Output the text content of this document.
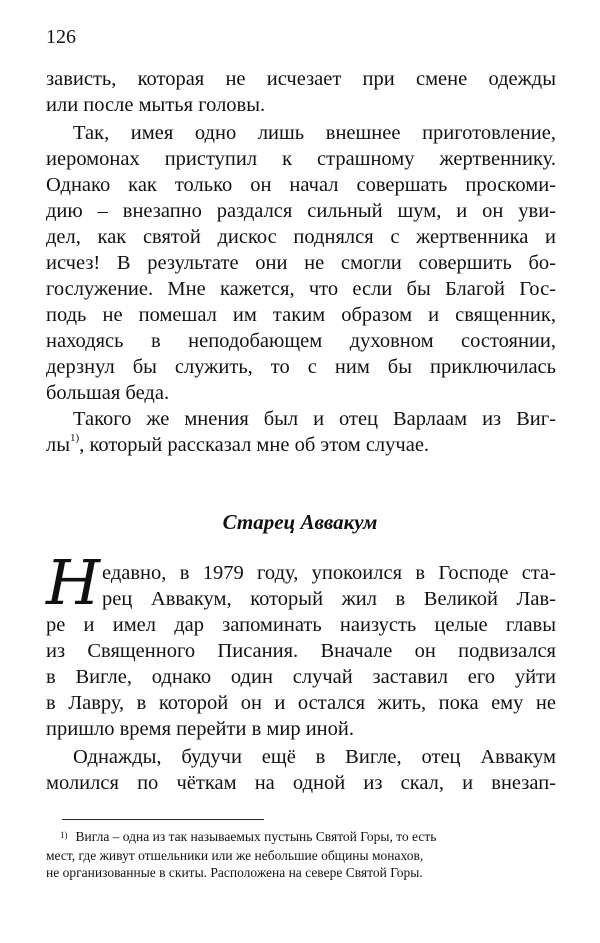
126
зависть, которая не исчезает при смене одежды
или после мытья головы.
Так, имея одно лишь внешнее приготовление,
иеромонах приступил к страшному жертвеннику.
Однако как только он начал совершать проскоми-
дию – внезапно раздался сильный шум, и он уви-
дел, как святой дискос поднялся с жертвенника и
исчез! В результате они не смогли совершить бо-
гослужение. Мне кажется, что если бы Благой Гос-
подь не помешал им таким образом и священник,
находясь в неподобающем духовном состоянии,
дерзнул бы служить, то с ним бы приключилась
большая беда.
Такого же мнения был и отец Варлаам из Виг-
$лы^{1)}$, который рассказал мне об этом случае.
Старец Аввакум
Н едавно, в 1979 году, упокоился в Господе ста-
рец Аввакум, который жил в Великой Лав-
ре и имел дар запоминать наизусть целые главы
из Священного Писания. Вначале он подвизался
в Вигле, однако один случай заставил его уйти
в Лавру, в которой он и остался жить, пока ему не
пришло время перейти в мир иной.
Однажды, будучи ещё в Вигле, отец Аввакум
молился по чёткам на одной из скал, и внезап-
$^{1)}$ Вигла – одна из так называемых пустынь Святой Горы, то есть
мест, где живут отшельники или же небольшие общины монахов,
не организованные в скиты. Расположена на севере Святой Горы.
